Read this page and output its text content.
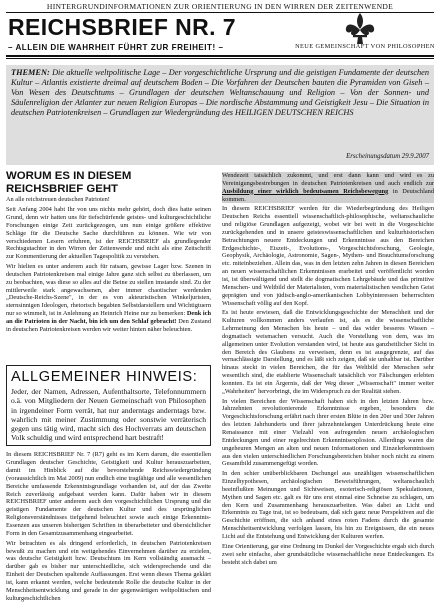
HINTERGRUNDINFORMATIONEN ZUR ORIENTIERUNG IN DEN WIRREN DER ZEITENWENDE
REICHSBRIEF NR. 7
– ALLEIN DIE WAHRHEIT FÜHRT ZUR FREIHEIT! –	NEUE GEMEINSCHAFT VON PHILOSOPHEN
THEMEN: Die aktuelle weltpolitische Lage – Der vorgeschichtliche Ursprung und die geistigen Fundamente der deutschen Kultur – Atlantis existierte dreimal auf deutschem Boden – Die Vorfahren der Deutschen bauten die Pyramiden von Giseh – Von Wesen des Deutschtums – Grundlagen der deutschen Weltanschauung und Religion – Von der Sonnen- und Säulenreligion der Atlanter zur neuen Religion Europas – Die nordische Abstammung und Geistigkeit Jesu – Die Situation in deutschen Patriotenkreisen – Grundlagen zur Wiedergründung des HEILIGEN DEUTSCHEN REICHS
Erscheinungsdatum 29.9.2007
WORUM ES IN DIESEM
REICHSBRIEF GEHT
An alle reichstreuen deutschen Patrioten!

Seit Anfang 2004 habt Ihr von uns nichts mehr gehört, doch dies hatte seinen Grund, denn wir hatten uns für tiefschürfende geistes- und kulturgeschichtliche Forschungen einige Zeit zurückgezogen, um nun einige größere effektive Schläge für die Deutsche Sache durchführen zu können. Wie wir von verschiedenen Lesern erfuhren, ist der REICHSBRIEF als grundlegender Rechtsgutachter in den Wirren der Zeitenwende und nicht als eine Zeitschrift zur Kommentierung der aktuellen Tagespolitik zu verstehen.

Wir hielten es unter anderem auch für ratsam, gewisse Lager bzw. Szenen in deutschen Patriotenkreisen mal einige Jahre ganz sich selbst zu überlassen, um zu beobachten, was diese so alles auf die Beine zu stellen imstande sind. Zu der mittlerweile stark angewachsenen, aber immer chaotischer werdenden „Deutsche-Reichs-Szene", in der es von akteuristischen Winkeljuristen, sternsinnigen Ideologen, rhetorisch begabten Selbstdarstellern und Wichtigtuern nur so wimmelt, ist in Anlehnung an Heinrich Heine nur zu bemerken: Denk ich an die Patrioten in der Nacht, bin ich um den Schlaf gebracht! Den Zustand in deutschen Patriotenkreisen werden wir weiter hinten näher beleuchten.

ALLGEMEINER HINWEIS:
Jeder, der Namen, Adressen, Aufenthaltsorte, Telefonnummern o.ä. von Mitgliedern der Neuen Gemeinschaft von Philosophen in irgendeiner Form verrät, hat nur anderntags anderntags bzw. wahrlich mit meiner Zustimmung oder sonstwie verräterisch gegen uns tätig wird, macht sich des Hochverrats am deutschen Volk schuldig und wird entsprechend hart bestraft!

In diesem REICHSBRIEF Nr. 7 (R7) geht es im Kern darum, die essentiellen Grundlagen deutscher Geschichte, Geistigkeit und Kultur herauszuarbeiten, damit im Hinblick auf die bevorstehende Reichswiedergründung (voraussichtlich im Mai 2009) nun endlich eine tragfähige und alle wesentlichen Bereiche umfassende Erkenntnisgrundlage vorhanden ist, auf der das Zweite Reich zuverlässig aufgebaut werden kann. Dafür haben wir in diesem REICHSBRIEF unter anderem auch den vorgeschichtlichen Ursprung und die geistigen Fundamente der deutschen Kultur und des ursprünglichen Religionsverständnisses tiefgehend beleuchtet sowie auch einige Erkenntnis-Essenzen aus unseren bisherigen Schriften in überarbeiteter und übersichtlicher Form in den Gesamtzusammenhang eingearbeitet.

Wir betrachten es als dringend erforderlich, in deutschen Patriotenkreisen bewußt zu machen und ein weitgehendes Einvernehmen darüber zu erzielen, was deutsche Geistigkeit bzw. Deutschtum im Kern vollständig ausmacht – darüber gab es bisher nur unterschiedliche, sich widersprechende und die Einheit der Deutschen spaltende Auffassungen. Erst wenn dieses Thema geklärt ist, kann erkannt werden, welche bedeutende Rolle die deutsche Kultur in der Menschheitsentwicklung und gerade in der gegenwärtigen weltpolitischen und kulturgeschichtlichen

Wendezeit tatsächlich zukommt, und erst dann kann und wird es zu Vereinigungsbestrebungen in deutschen Patriotenkreisen und auch endlich zur Ausbildung einer wirklich bedeutsamen Reichsbewegung in Deutschland kommen.

In diesem REICHSBRIEF werden für die Wiederbegründung des Heiligen Deutschen Reichs essentiell wissenschaftlich-philosophische, weltanschauliche und religiöse Grundlagen aufgezeigt, wobei wir bei weit in die Vorgeschichte zurückgehenden und in unsere geisteswissenschaftlichen und kulturhistorischen Betrachtungen neuere Entdeckungen und Erkenntnisse aus den Bereichen Erdgeschichte-, Eiszeit-, Evolutions-, Vorgeschichtsforschung, Geologie, Geophysik, Archäologie, Astronomie, Sagen-, Mythen- und Brauchtumsforschung etc. miteinbeziehen. Allein das, was in den letzten zehn Jahren in diesen Bereichen an neuen wissenschaftlichen Erkenntnissen erarbeitet und veröffentlicht worden ist, ist überwältigend und stellt die dogmatischen Lehrgebäude und das primitive Menschen- und Weltbild der Materialisten, vom materialistischen westlichen Geist geprägten und von jüdisch-anglo-amerikanischen Lobbyinteressen beherrschten Wissenschaft völlig auf den Kopf.

Es ist heute erwiesen, daß die Entwicklungsgeschichte der Menschheit und der Kulturen vollkommen anders verlaufen ist, als es die wissenschaftliche Lehrmeinung den Menschen bis heute – und das wider besseres Wissen – dogmatisch weismachen versucht. Auch die Vorstellung von dem, was im allgemeinen unter Evolution verstanden wird, ist heute aus ganzheitlicher Sicht in den Bereich des Glaubens zu verweisen, denn es ist ausgegrenzte, auf das vernachlässigte Darstellung, und es läßt sich zeigen, daß sie unhaltbar ist. Darüber hinaus steckt in vielen Bereichen, die für das Weltbild der Menschen sehr wesentlich sind, die etablierte Wissenschaft tatsächlich vor Fälschungen erlebten konnten. Es ist ein Ärgernis, daß der Weg dieser „Wissenschaft" immer weiter „Wahrheiten" hervorbringt, die im Widerspruch zu der Realität stehen.

In vielen Bereichen der Wissenschaft haben sich in den letzten Jahren bzw. Jahrzehnten revolutionierende Erkenntnisse ergeben, besonders die Vorgeschichtsforschung erfährt nach ihrer ersten Blüte in den 20er und 30er Jahren des letzten Jahrhunderts und ihrer jahrzehntelangen Unterdrückung heute eine Renaissance mit einer Vielzahl von aufregenden neuen archäologischen Entdeckungen und einer regelrechten Erkenntnisexplosion. Allerdings waren die ungeheuren Mengen an alten und neuen Informationen und Einzelerkenntnissen aus den vielen unterschiedlichen Forschungsbereichen bisher noch nicht zu einem Gesamtbild zusammengefügt worden.

In den schier unüberblickbaren Dschungel aus unzähligen wissenschaftlichen Einzelhypothesen, archäologischen Beweisführungen, weltanschaulich beeinflußten Meinungen und Sichtweisen, esoterisch-religiösen Spekulationen, Mythen und Sagen etc. galt es für uns erst einmal eine Schneise zu schlagen, um den Kern und Zusammenhang herauszuarbeiten. Was dabei an Licht und Erkenntnis zu Tage trat, ist so bedeutsam, daß sich ganz neue Perspektiven auf die Geschichte eröffnen, die sich anhand eines roten Fadens durch die gesamte Menschheitsentwicklung verfolgen lassen, bis hin zu Ereignissen, die ein neues Licht auf die Entstehung und Entwicklung der Kulturen werfen.

Eine Orientierung, gar eine Ordnung im Dunkel der Vorgeschichte ergab sich durch zwei sehr einfache, aber grundsätzliche wissenschaftliche neue Entdeckungen. Es besteht sich dabei um
